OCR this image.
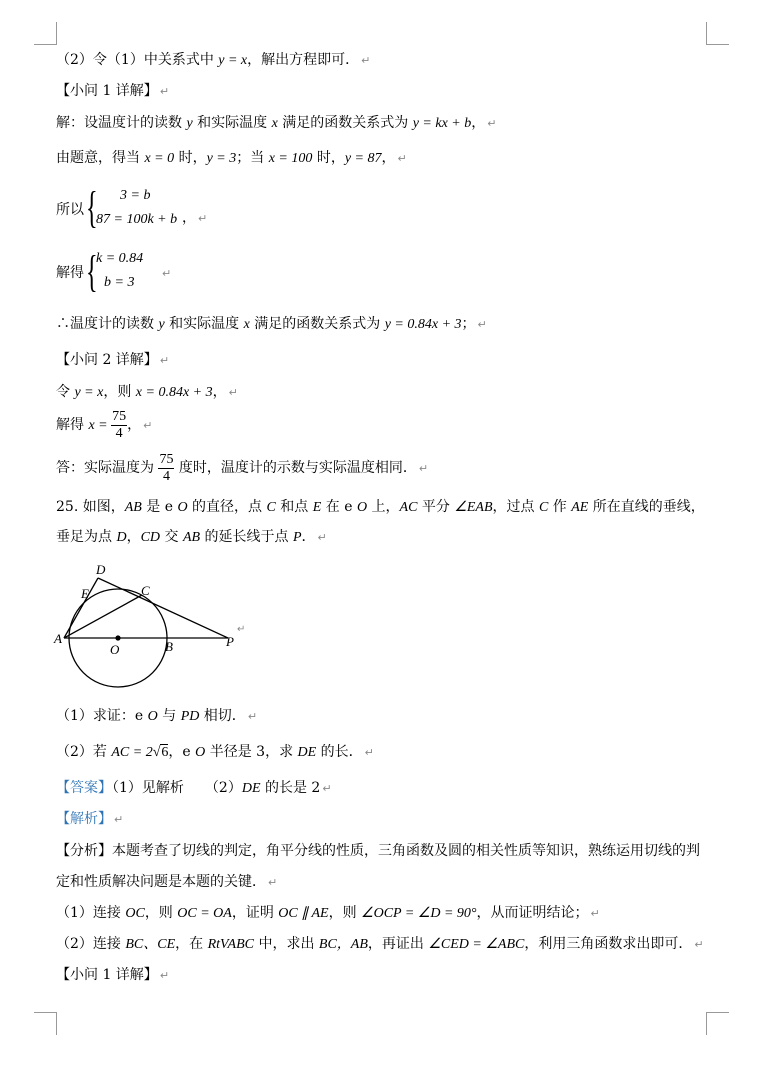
（2）令（1）中关系式中 y = x，解出方程即可． ↵
【小问 1 详解】 ↵
解：设温度计的读数 y 和实际温度 x 满足的函数关系式为 y = kx + b， ↵
由题意，得当 x = 0 时，y = 3；当 x = 100 时，y = 87， ↵
所以 { 3 = b
87 = 100k + b ， ↵
解得 {
k = 0.84
b = 3
↵
∴温度计的读数 y 和实际温度 x 满足的函数关系式为 y = 0.84x + 3； ↵
【小问 2 详解】 ↵
令 y = x，则 x = 0.84x + 3， ↵
解得 $x = \frac{75}{4}$ ， ↵
答：实际温度为 $\frac{75}{4}$ 度时，温度计的示数与实际温度相同． ↵
25. 如图，AB 是 e O 的直径，点 C 和点 E 在 e O 上，AC 平分 ∠EAB，过点 C 作 AE 所在直线的垂线，
垂足为点 D，CD 交 AB 的延长线于点 P． ↵
D
E	C
A
O	B	P
↵
（1）求证：e O 与 PD 相切． ↵
（2）若 AC = 2√6，e O 半径是 3，求 DE 的长． ↵
【答案】（1）见解析　　（2）DE 的长是 2 ↵
【解析】 ↵
【分析】本题考查了切线的判定，角平分线的性质，三角函数及圆的相关性质等知识，熟练运用切线的判
定和性质解决问题是本题的关键． ↵
（1）连接 OC，则 OC = OA，证明 OC ∥ AE，则 ∠OCP = ∠D = 90°，从而证明结论； ↵
（2）连接 BC、CE，在 RtVABC 中，求出 BC，AB，再证出 ∠CED = ∠ABC，利用三角函数求出即可． ↵
【小问 1 详解】 ↵
